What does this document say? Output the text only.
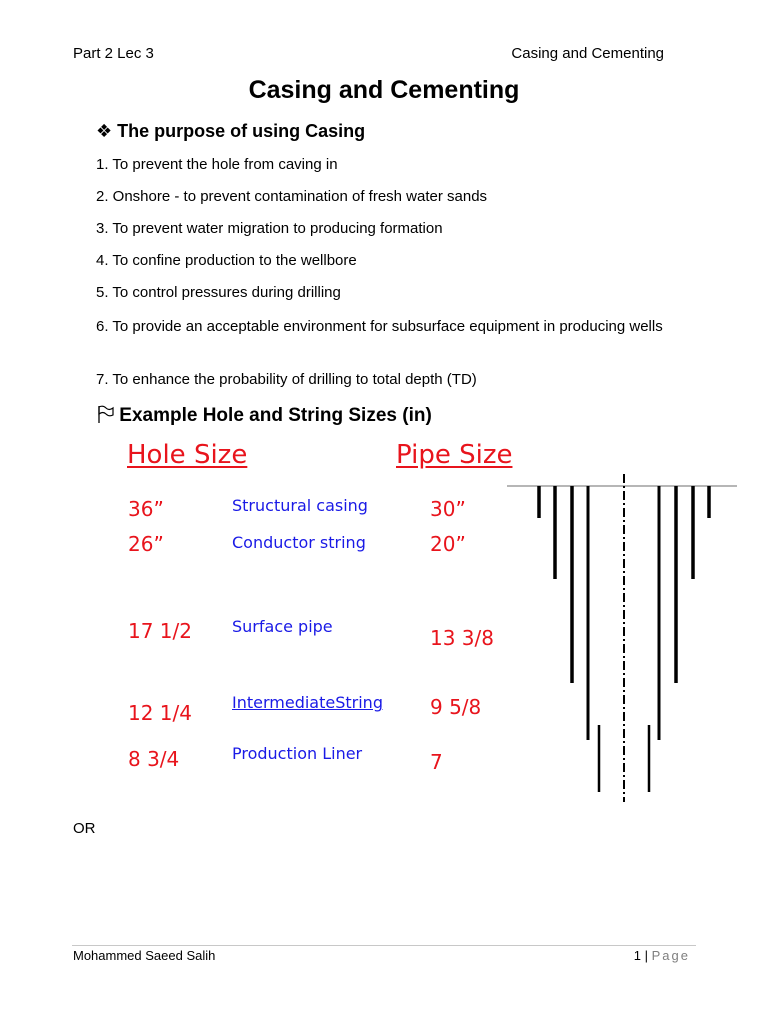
Part 2 Lec 3	Casing and Cementing
Casing and Cementing
❖ The purpose of using Casing
1. To prevent the hole from caving in
2. Onshore - to prevent contamination of fresh water sands
3. To prevent water migration to producing formation
4. To confine production to the wellbore
5. To control pressures during drilling
6. To provide an acceptable environment for subsurface equipment in producing wells
7. To enhance the probability of drilling to total depth (TD)
Example Hole and String Sizes (in)
Hole Size	Pipe Size
36”	Structural casing	30”
26”	Conductor string	20”
17 1/2	Surface pipe	13 3/8
12 1/4	IntermediateString 9 5/8
8 3/4	Production Liner	7
OR
Mohammed Saeed Salih	1 | Page
